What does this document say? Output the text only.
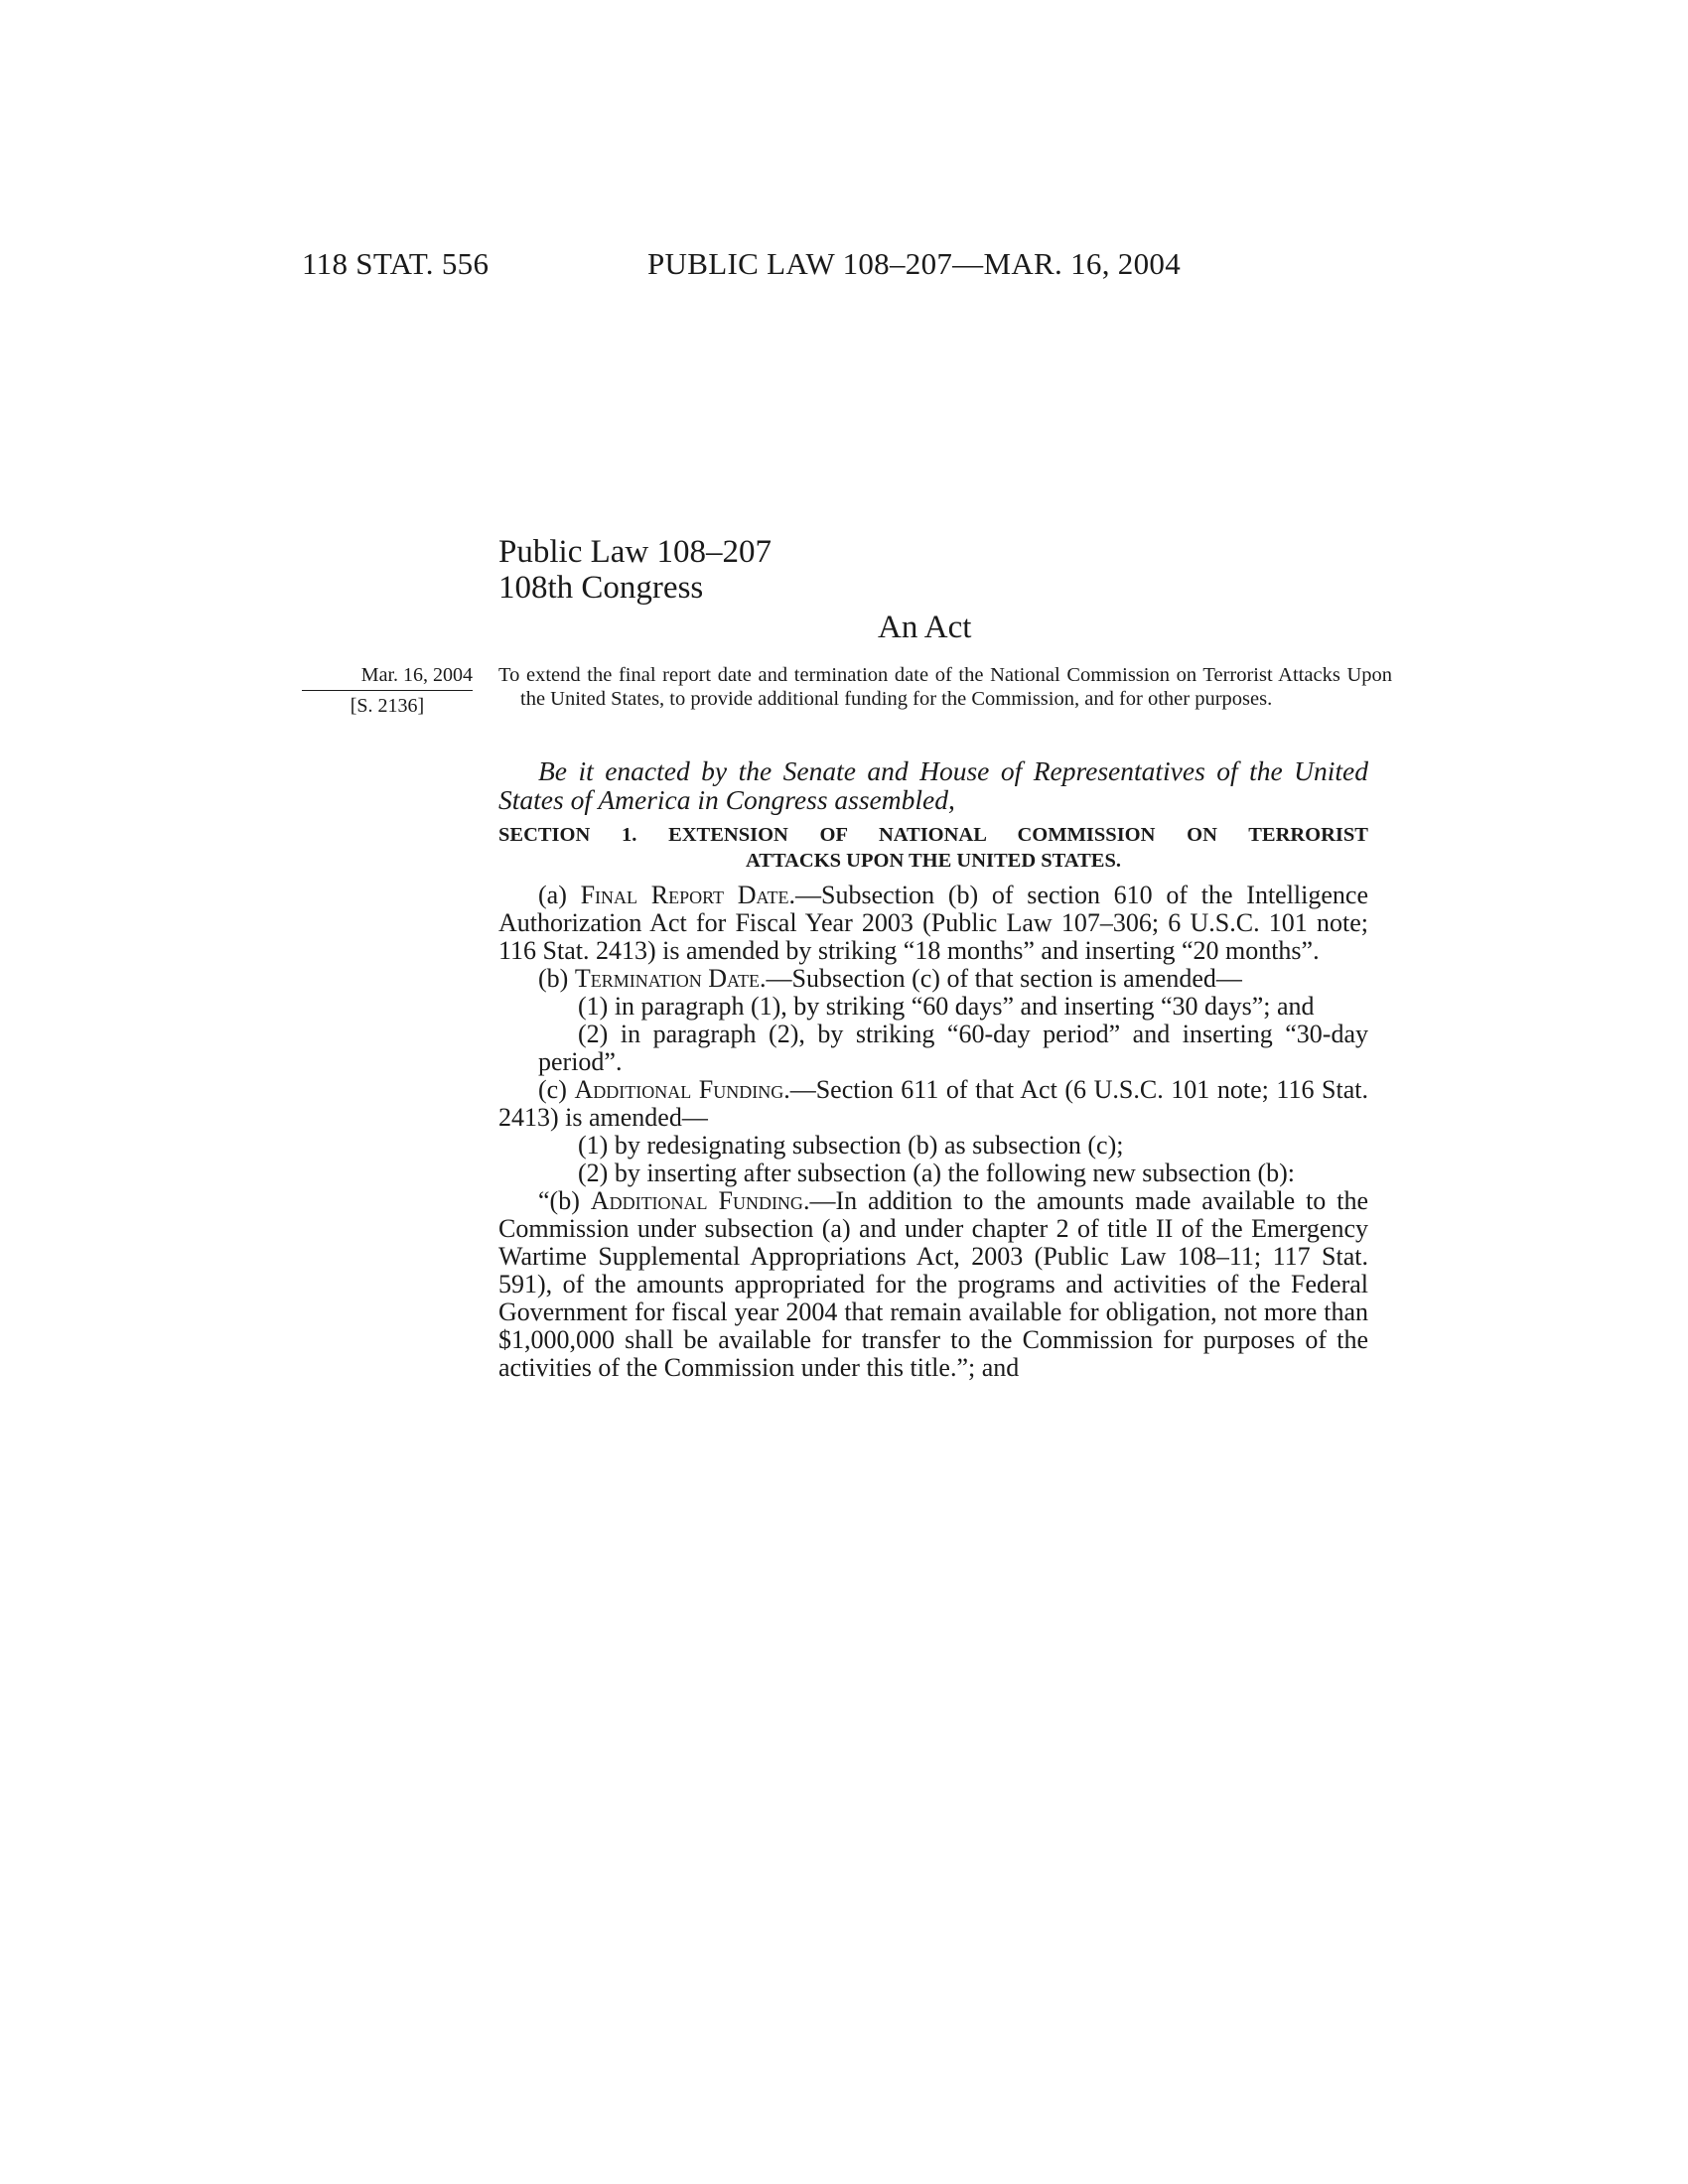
118 STAT. 556	PUBLIC LAW 108–207—MAR. 16, 2004
Public Law 108–207
108th Congress
An Act
Mar. 16, 2004
[S. 2136]
To extend the final report date and termination date of the National Commission on Terrorist Attacks Upon the United States, to provide additional funding for the Commission, and for other purposes.

Be it enacted by the Senate and House of Representatives of the United States of America in Congress assembled,

SECTION 1. EXTENSION OF NATIONAL COMMISSION ON TERRORIST
ATTACKS UPON THE UNITED STATES.

(a) Final Report Date.—Subsection (b) of section 610 of the Intelligence Authorization Act for Fiscal Year 2003 (Public Law 107–306; 6 U.S.C. 101 note; 116 Stat. 2413) is amended by striking “18 months” and inserting “20 months”.

(b) Termination Date.—Subsection (c) of that section is amended—

(1) in paragraph (1), by striking “60 days” and inserting “30 days”; and

(2) in paragraph (2), by striking “60-day period” and inserting “30-day period”.

(c) Additional Funding.—Section 611 of that Act (6 U.S.C. 101 note; 116 Stat. 2413) is amended—

(1) by redesignating subsection (b) as subsection (c);

(2) by inserting after subsection (a) the following new subsection (b):

“(b) Additional Funding.—In addition to the amounts made available to the Commission under subsection (a) and under chapter 2 of title II of the Emergency Wartime Supplemental Appropriations Act, 2003 (Public Law 108–11; 117 Stat. 591), of the amounts appropriated for the programs and activities of the Federal Government for fiscal year 2004 that remain available for obligation, not more than $1,000,000 shall be available for transfer to the Commission for purposes of the activities of the Commission under this title.”; and
